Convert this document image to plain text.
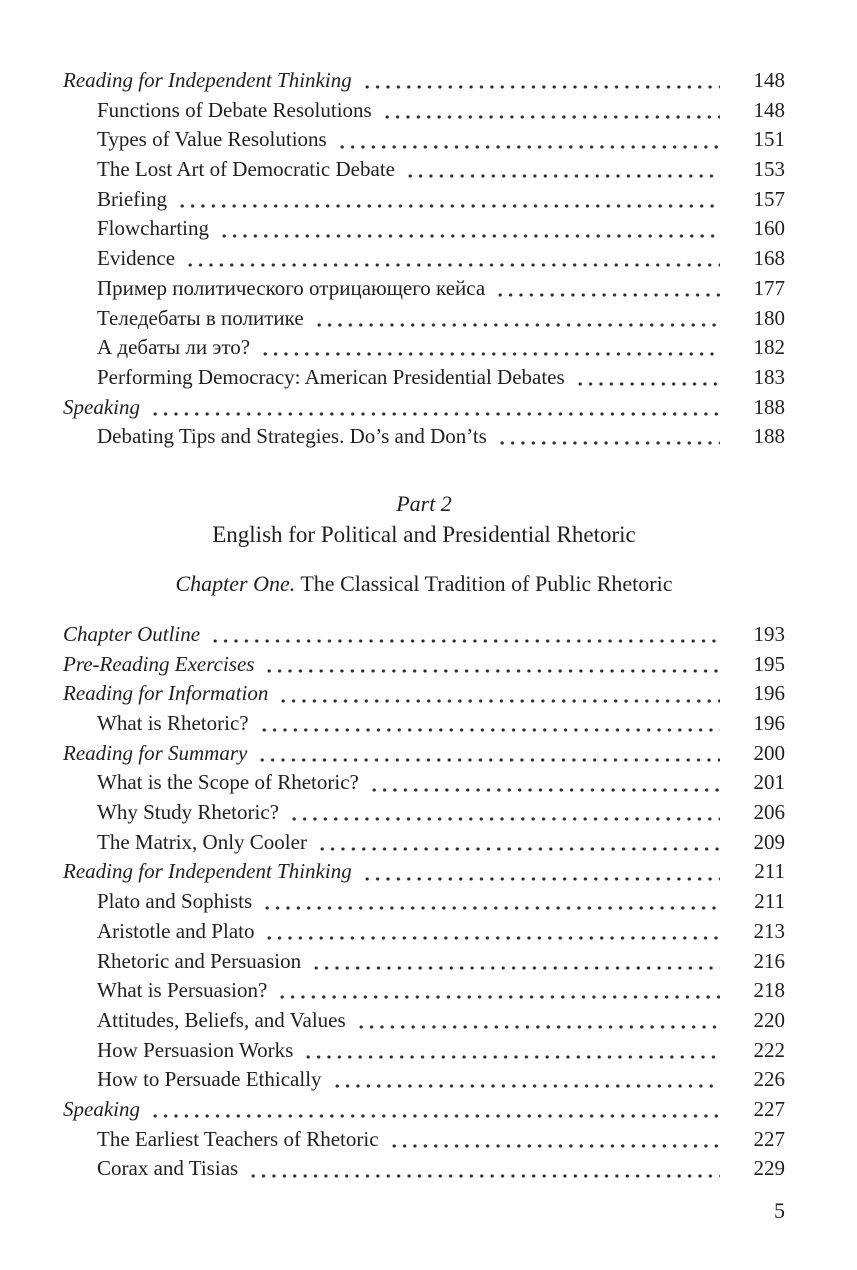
Reading for Independent Thinking	148
Functions of Debate Resolutions	148
Types of Value Resolutions	151
The Lost Art of Democratic Debate	153
Briefing	157
Flowcharting	160
Evidence	168
Пример политического отрицающего кейса	177
Теледебаты в политике	180
А дебаты ли это?	182
Performing Democracy: American Presidential Debates	183
Speaking	188
Debating Tips and Strategies. Do’s and Don’ts	188
Part 2
English for Political and Presidential Rhetoric
Chapter One. The Classical Tradition of Public Rhetoric
Chapter Outline	193
Pre-Reading Exercises	195
Reading for Information	196
What is Rhetoric?	196
Reading for Summary	200
What is the Scope of Rhetoric?	201
Why Study Rhetoric?	206
The Matrix, Only Cooler	209
Reading for Independent Thinking	211
Plato and Sophists	211
Aristotle and Plato	213
Rhetoric and Persuasion	216
What is Persuasion?	218
Attitudes, Beliefs, and Values	220
How Persuasion Works	222
How to Persuade Ethically	226
Speaking	227
The Earliest Teachers of Rhetoric	227
Corax and Tisias	229
5
